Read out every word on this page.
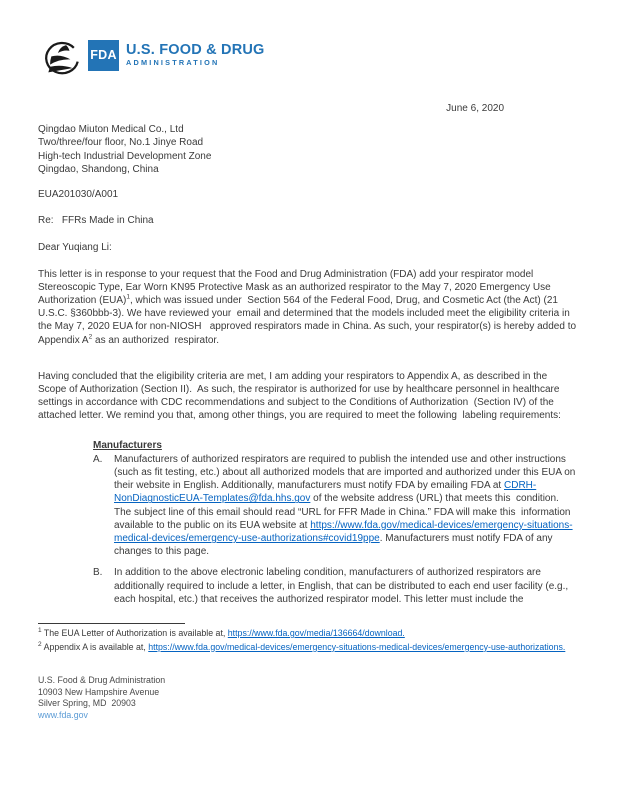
FDA U.S. FOOD & DRUG
ADMINISTRATION
June 6, 2020
Qingdao Miuton Medical Co., Ltd
Two/three/four floor, No.1 Jinye Road
High-tech Industrial Development Zone
Qingdao, Shandong, China
EUA201030/A001
Re:   FFRs Made in China
Dear Yuqiang Li:

This letter is in response to your request that the Food and Drug Administration (FDA) add your respirator model Stereoscopic Type, Ear Worn KN95 Protective Mask as an authorized respirator to the May 7, 2020 Emergency Use Authorization (EUA)$^1$, which was issued under  Section 564 of the Federal Food, Drug, and Cosmetic Act (the Act) (21 U.S.C. §360bbb-3). We have reviewed your  email and determined that the models included meet the eligibility criteria in the May 7, 2020 EUA for non-NIOSH   approved respirators made in China. As such, your respirator(s) is hereby added to Appendix A$^2$ as an authorized  respirator.

Having concluded that the eligibility criteria are met, I am adding your respirators to Appendix A, as described in the Scope of Authorization (Section II).  As such, the respirator is authorized for use by healthcare personnel in healthcare settings in accordance with CDC recommendations and subject to the Conditions of Authorization  (Section IV) of the attached letter. We remind you that, among other things, you are required to meet the following  labeling requirements:

Manufacturers
A.	Manufacturers of authorized respirators are required to publish the intended use and other instructions (such as fit testing, etc.) about all authorized models that are imported and authorized under this EUA on their website in English. Additionally, manufacturers must notify FDA by emailing FDA at CDRH-NonDiagnosticEUA-Templates@fda.hhs.gov of the website address (URL) that meets this  condition. The subject line of this email should read “URL for FFR Made in China.” FDA will make this  information available to the public on its EUA website at https://www.fda.gov/medical-devices/emergency-situations-medical-devices/emergency-use-authorizations#covid19ppe. Manufacturers must notify FDA of any changes to this page.
B.	In addition to the above electronic labeling condition, manufacturers of authorized respirators are additionally required to include a letter, in English, that can be distributed to each end user facility (e.g.,  each hospital, etc.) that receives the authorized respirator model. This letter must include the
$^1$ The EUA Letter of Authorization is available at, https://www.fda.gov/media/136664/download.
$^2$ Appendix A is available at, https://www.fda.gov/medical-devices/emergency-situations-medical-devices/emergency-use-authorizations.
U.S. Food & Drug Administration
10903 New Hampshire Avenue
Silver Spring, MD  20903
www.fda.gov
